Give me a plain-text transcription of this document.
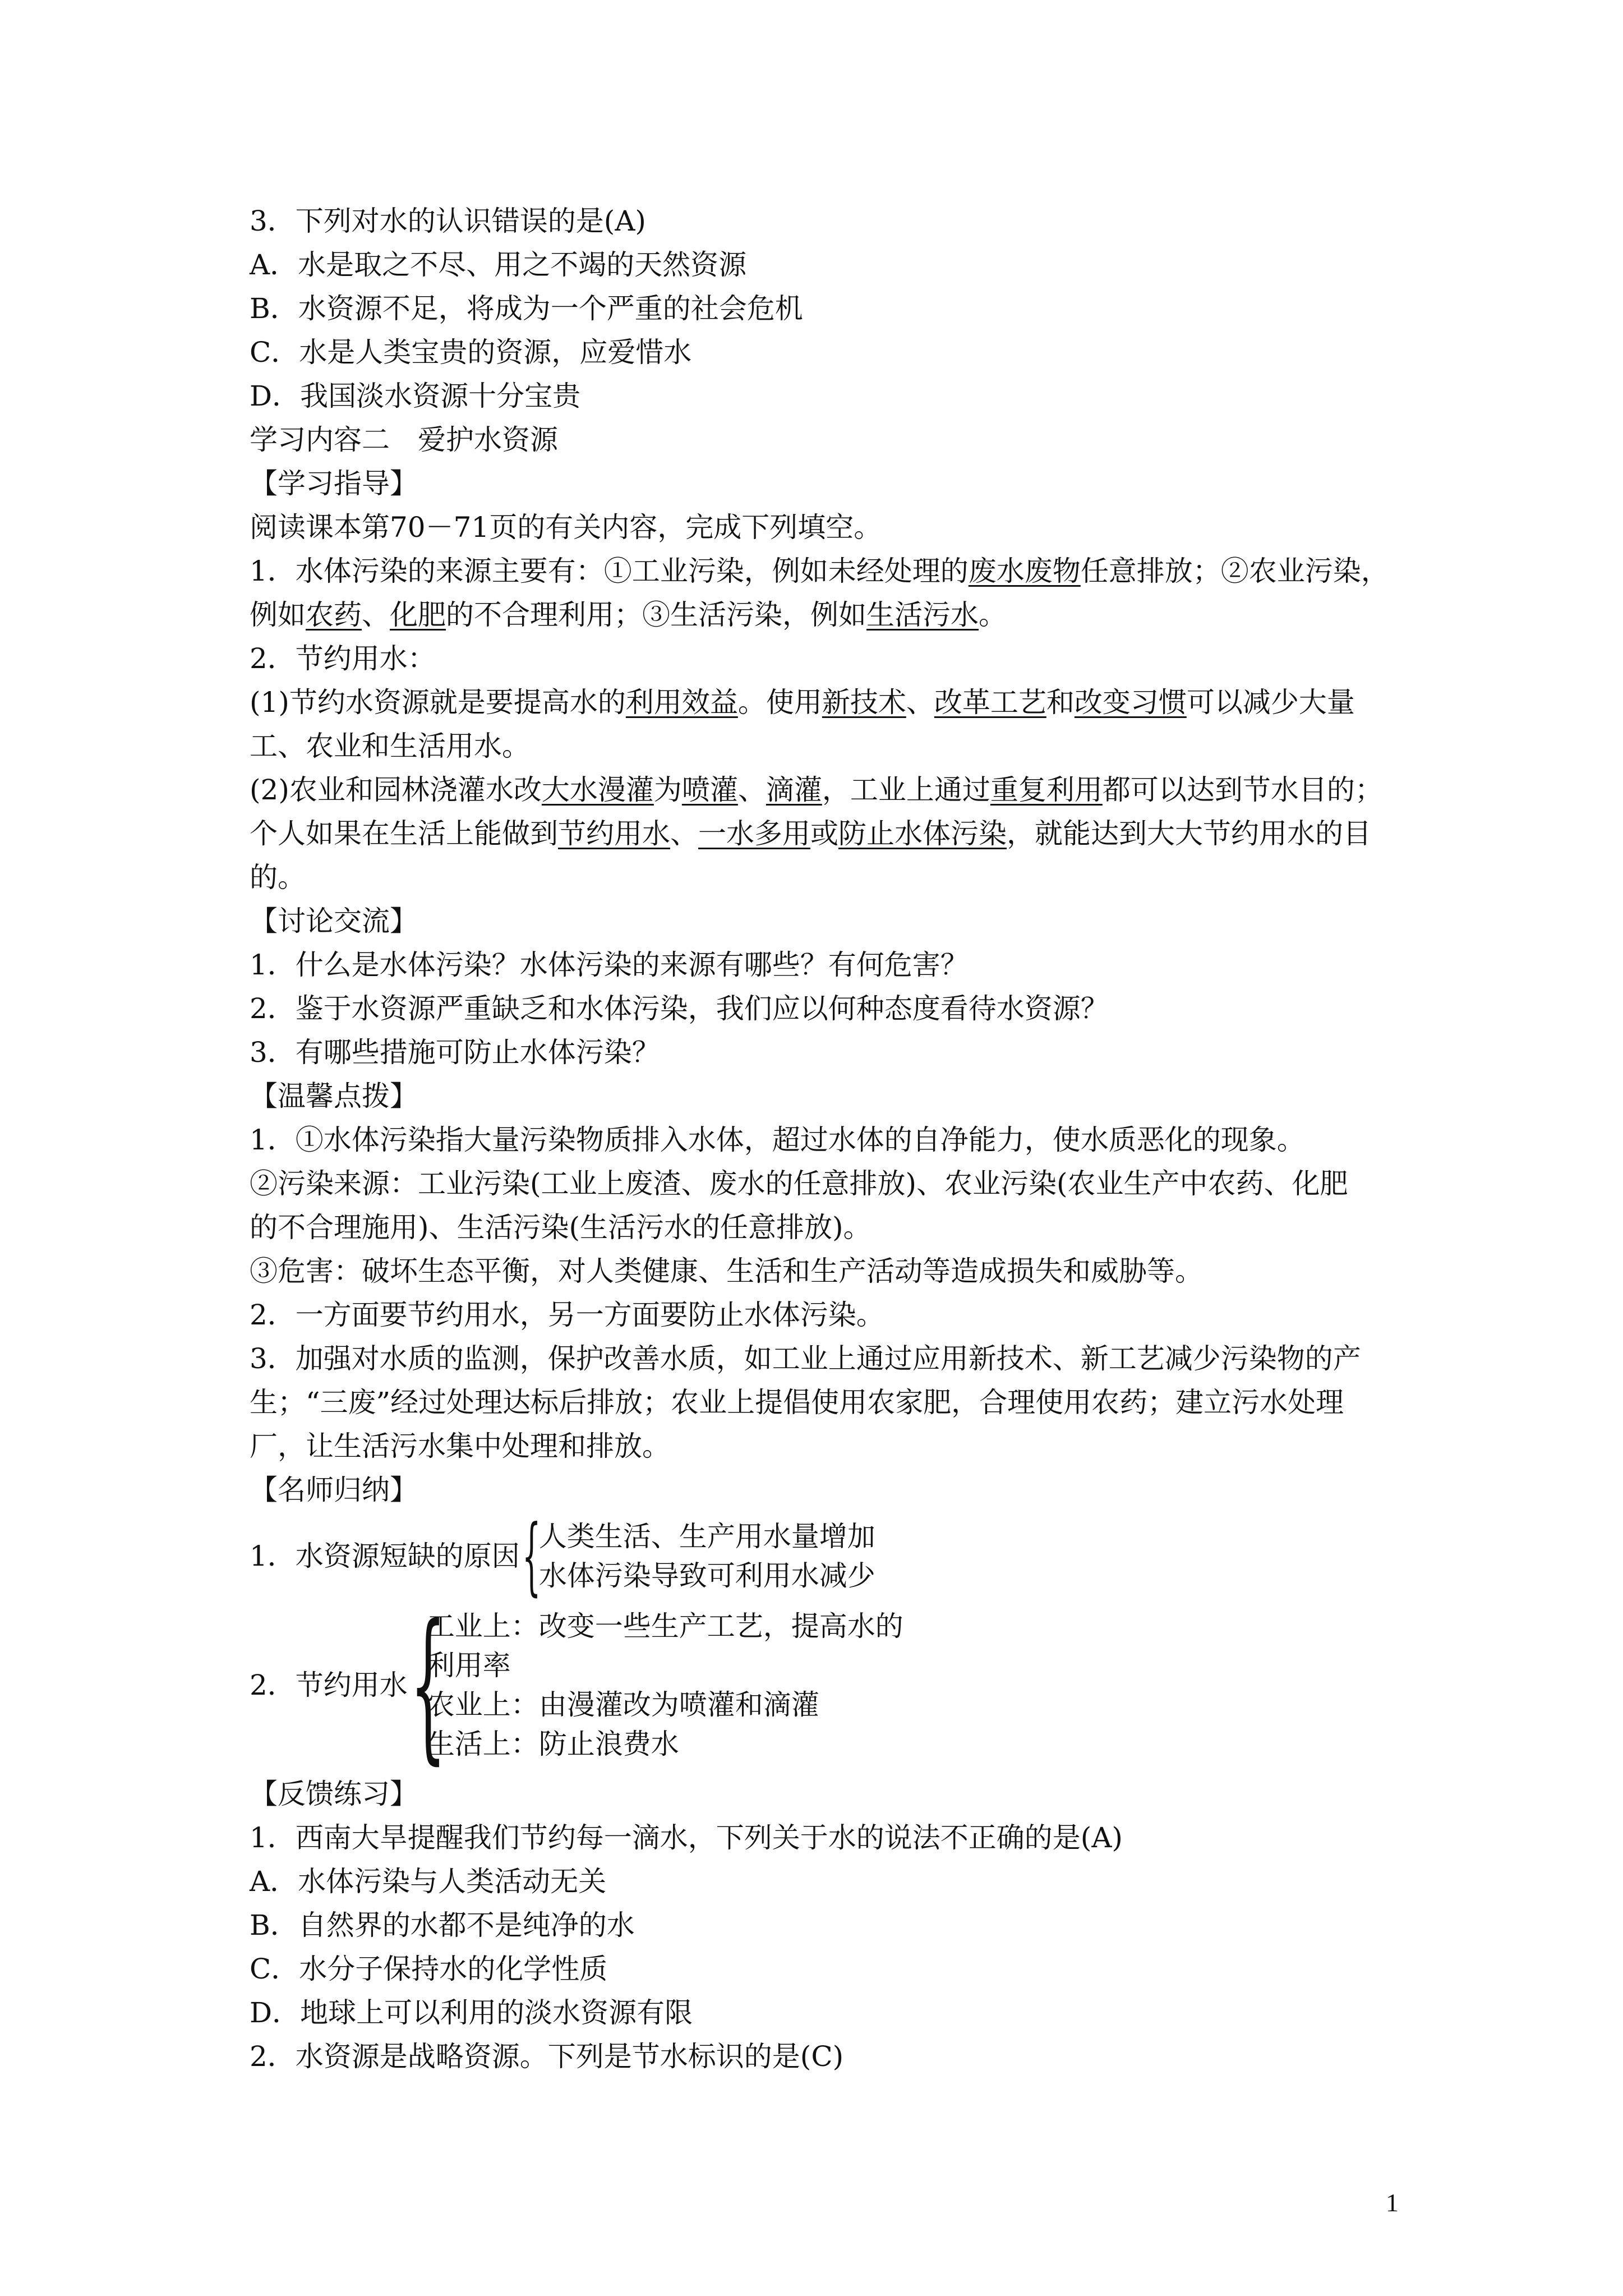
3．下列对水的认识错误的是(A)
A．水是取之不尽、用之不竭的天然资源
B．水资源不足，将成为一个严重的社会危机
C．水是人类宝贵的资源，应爱惜水
D．我国淡水资源十分宝贵
学习内容二　爱护水资源
【学习指导】
阅读课本第70－71页的有关内容，完成下列填空。
1．水体污染的来源主要有：①工业污染，例如未经处理的废水废物任意排放；②农业污染，
例如农药、化肥的不合理利用；③生活污染，例如生活污水。
2．节约用水：
(1)节约水资源就是要提高水的利用效益。使用新技术、改革工艺和改变习惯可以减少大量
工、农业和生活用水。
(2)农业和园林浇灌水改大水漫灌为喷灌、滴灌，工业上通过重复利用都可以达到节水目的；
个人如果在生活上能做到节约用水、一水多用或防止水体污染，就能达到大大节约用水的目
的。
【讨论交流】
1．什么是水体污染？水体污染的来源有哪些？有何危害？
2．鉴于水资源严重缺乏和水体污染，我们应以何种态度看待水资源？
3．有哪些措施可防止水体污染？
【温馨点拨】
1．①水体污染指大量污染物质排入水体，超过水体的自净能力，使水质恶化的现象。
②污染来源：工业污染(工业上废渣、废水的任意排放)、农业污染(农业生产中农药、化肥
的不合理施用)、生活污染(生活污水的任意排放)。
③危害：破坏生态平衡，对人类健康、生活和生产活动等造成损失和威胁等。
2．一方面要节约用水，另一方面要防止水体污染。
3．加强对水质的监测，保护改善水质，如工业上通过应用新技术、新工艺减少污染物的产
生；“三废”经过处理达标后排放；农业上提倡使用农家肥，合理使用农药；建立污水处理
厂，让生活污水集中处理和排放。
【名师归纳】
1．水资源短缺的原因 {
人类生活、生产用水量增加
水体污染导致可利用水减少
2．节约用水 {
工业上：改变一些生产工艺，提高水的
利用率
农业上：由漫灌改为喷灌和滴灌
生活上：防止浪费水
【反馈练习】
1．西南大旱提醒我们节约每一滴水，下列关于水的说法不正确的是(A)
A．水体污染与人类活动无关
B．自然界的水都不是纯净的水
C．水分子保持水的化学性质
D．地球上可以利用的淡水资源有限
2．水资源是战略资源。下列是节水标识的是(C)
1
